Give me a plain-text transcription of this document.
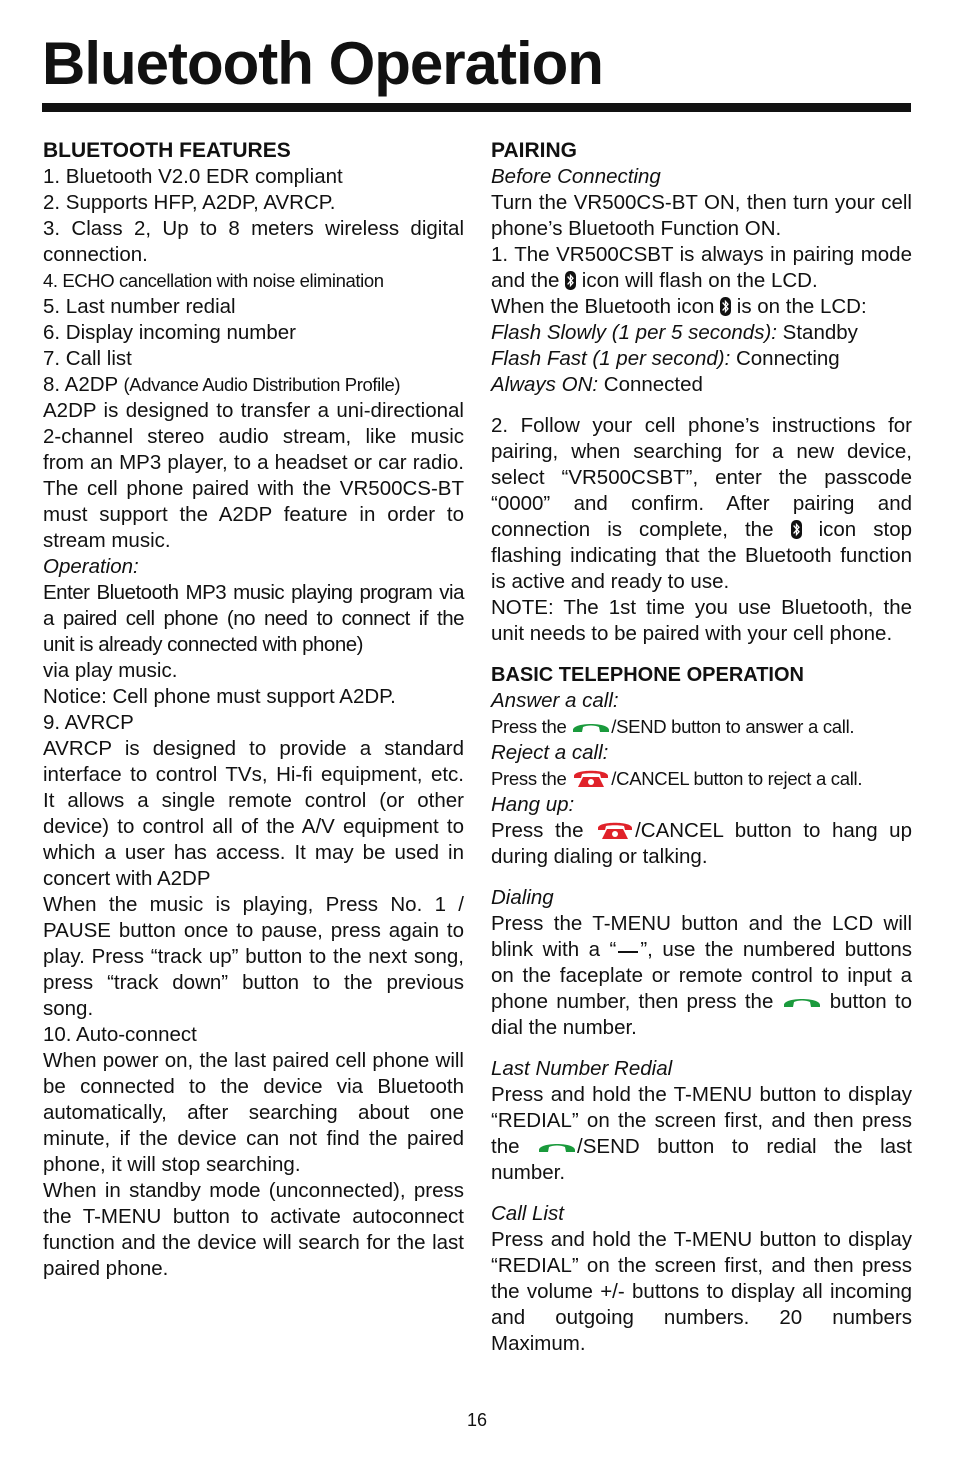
Bluetooth Operation

BLUETOOTH FEATURES

1. Bluetooth V2.0 EDR compliant

2. Supports HFP, A2DP, AVRCP.

3. Class 2, Up to 8 meters wireless digital connection.

4. ECHO cancellation with noise elimination

5. Last number redial

6. Display incoming number

7. Call list

8. A2DP (Advance Audio Distribution Profile)

A2DP is designed to transfer a uni-directional 2-channel stereo audio stream, like music from an MP3 player, to a headset or car radio. The cell phone paired with the VR500CS-BT must support the A2DP feature in order to stream music.

Operation:

Enter Bluetooth MP3 music playing program via a paired cell phone (no need to connect if the unit is already connected with phone)

via play music.

Notice: Cell phone must support A2DP.

9. AVRCP

AVRCP is designed to provide a standard interface to control TVs, Hi-fi equipment, etc. It allows a single remote control (or other device) to control all of the A/V equipment to which a user has access. It may be used in concert with A2DP

When the music is playing, Press No. 1 / PAUSE button once to pause, press again to play. Press “track up” button to the next song, press “track down” button to the previous song.

10. Auto-connect

When power on, the last paired cell phone will be connected to the device via Bluetooth automatically, after searching about one minute, if the device can not find the paired phone, it will stop searching.

When in standby mode (unconnected), press the T-MENU button to activate autoconnect function and the device will search for the last paired phone.

PAIRING

Before Connecting

Turn the VR500CS-BT ON, then turn your cell phone’s Bluetooth Function ON.

1. The VR500CSBT is always in pairing mode and the  icon will flash on the LCD.

When the Bluetooth icon  is on the LCD:

Flash Slowly (1 per 5 seconds): Standby

Flash Fast (1 per second): Connecting

Always ON: Connected

2. Follow your cell phone’s instructions for pairing, when searching for a new device, select “VR500CSBT”, enter the passcode “0000” and confirm. After pairing and connection is complete, the  icon stop flashing indicating that the Bluetooth function is active and ready to use.

NOTE: The 1st time you use Bluetooth, the unit needs to be paired with your cell phone.

BASIC TELEPHONE OPERATION

Answer a call:

Press the /SEND button to answer a call.

Reject a call:

Press the /CANCEL button to reject a call.

Hang up:

Press the /CANCEL button to hang up during dialing or talking.

Dialing

Press the T-MENU button and the LCD will blink with a “ ”, use the numbered buttons on the faceplate or remote control to input a phone number, then press the  button to dial the number.

Last Number Redial

Press and hold the T-MENU button to display “REDIAL” on the screen first, and then press the /SEND button to redial the last number.

Call List

Press and hold the T-MENU button to display “REDIAL” on the screen first, and then press the volume +/- buttons to display all incoming and outgoing numbers. 20 numbers Maximum.

16
